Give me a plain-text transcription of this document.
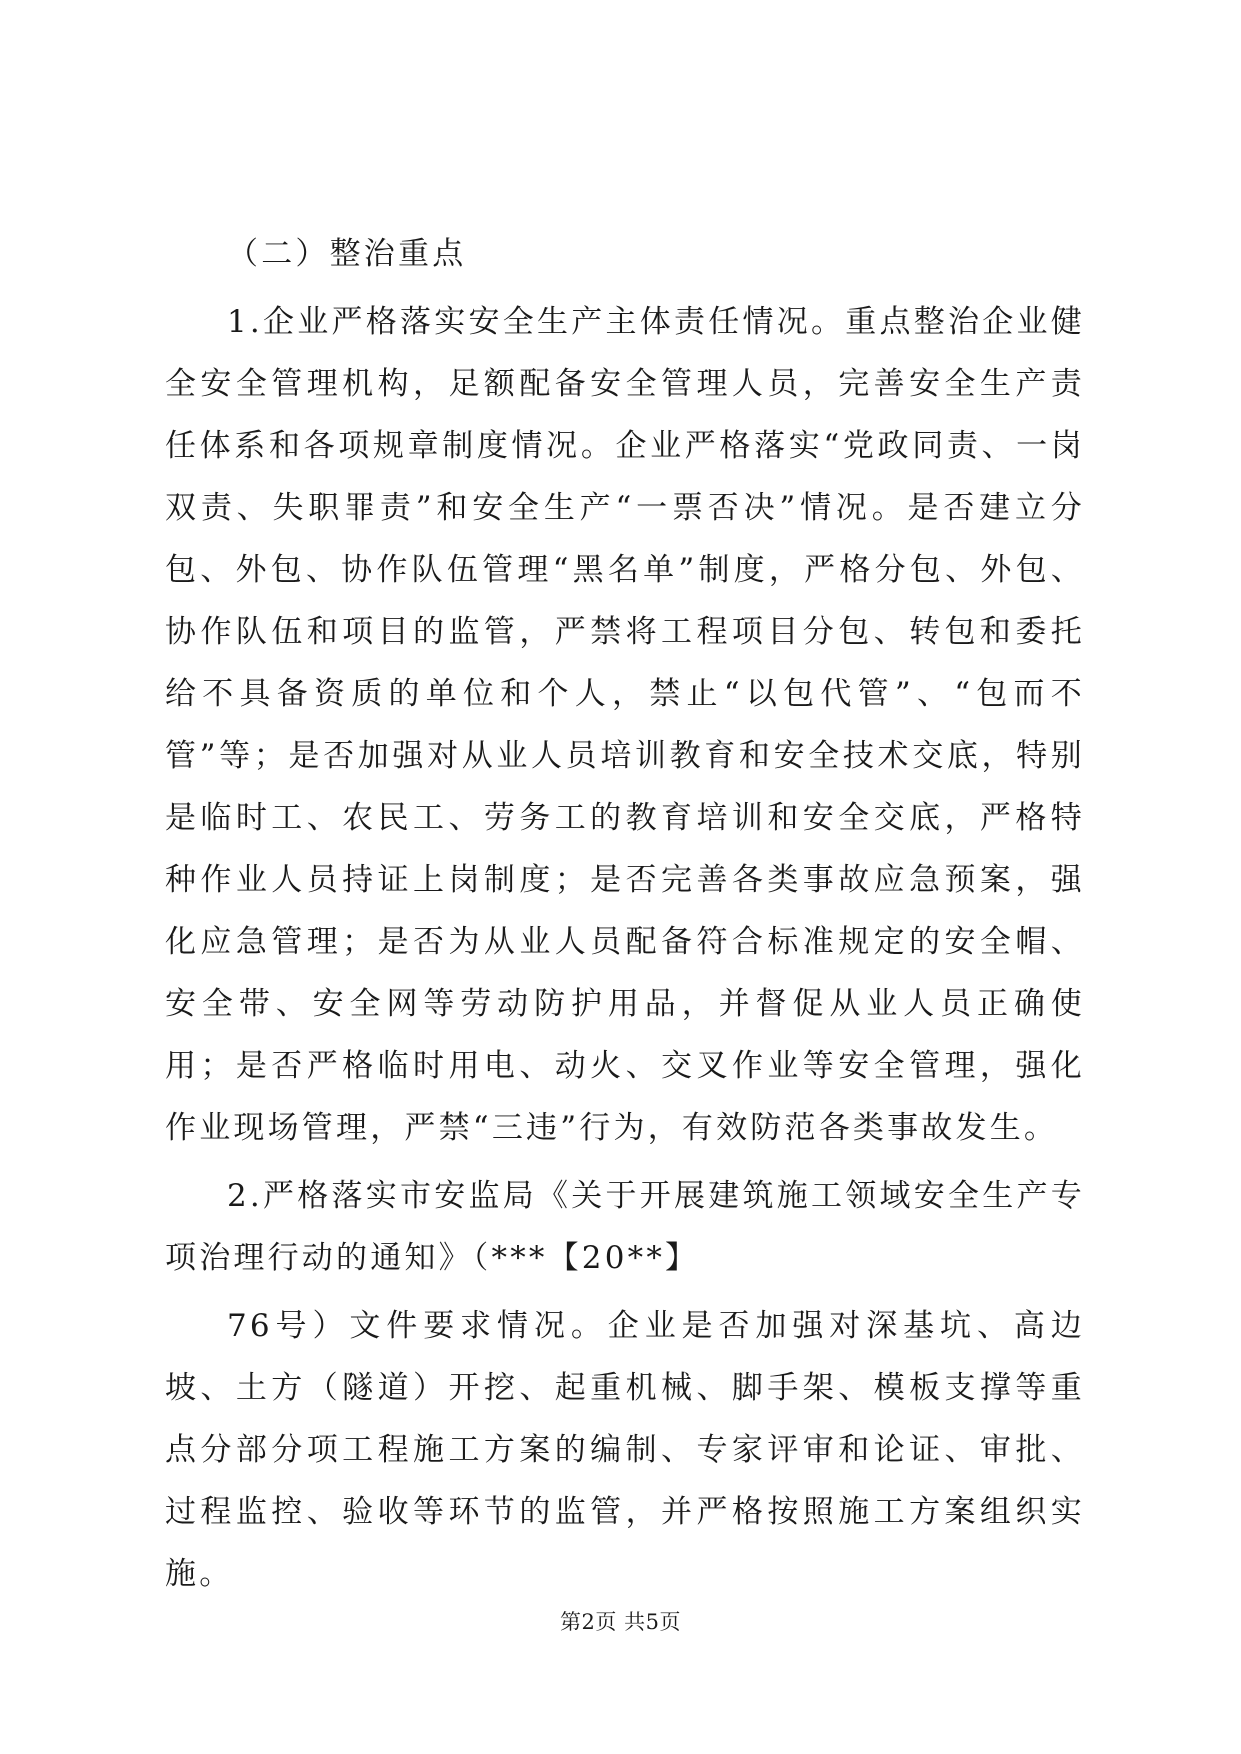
（二）整治重点

1.企业严格落实安全生产主体责任情况。重点整治企业健全安全管理机构，足额配备安全管理人员，完善安全生产责任体系和各项规章制度情况。企业严格落实“党政同责、一岗双责、失职罪责”和安全生产“一票否决”情况。是否建立分包、外包、协作队伍管理“黑名单”制度，严格分包、外包、协作队伍和项目的监管，严禁将工程项目分包、转包和委托给不具备资质的单位和个人，禁止“以包代管”、“包而不管”等；是否加强对从业人员培训教育和安全技术交底，特别是临时工、农民工、劳务工的教育培训和安全交底，严格特种作业人员持证上岗制度；是否完善各类事故应急预案，强化应急管理；是否为从业人员配备符合标准规定的安全帽、安全带、安全网等劳动防护用品，并督促从业人员正确使用；是否严格临时用电、动火、交叉作业等安全管理，强化作业现场管理，严禁“三违”行为，有效防范各类事故发生。

2.严格落实市安监局《关于开展建筑施工领域安全生产专项治理行动的通知》（***【20**】

76号）文件要求情况。企业是否加强对深基坑、高边坡、土方（隧道）开挖、起重机械、脚手架、模板支撑等重点分部分项工程施工方案的编制、专家评审和论证、审批、过程监控、验收等环节的监管，并严格按照施工方案组织实施。

第2页 共5页
